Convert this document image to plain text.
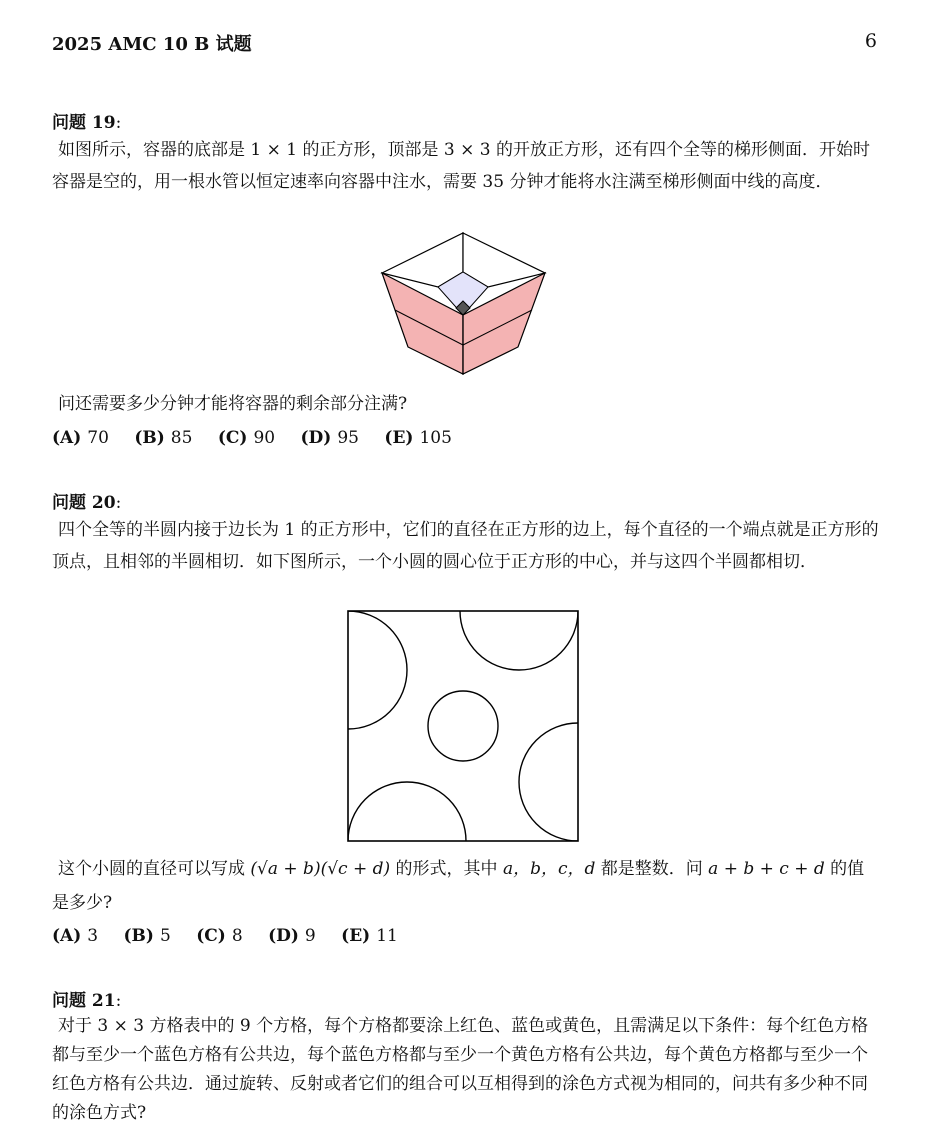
2025 AMC 10 B 试题	6
问题 19:
如图所示，容器的底部是 1 × 1 的正方形，顶部是 3 × 3 的开放正方形，还有四个全等的梯形侧面．开始时容器是空的，用一根水管以恒定速率向容器中注水，需要 35 分钟才能将水注满至梯形侧面中线的高度．
问还需要多少分钟才能将容器的剩余部分注满?
(A) 70 (B) 85 (C) 90 (D) 95 (E) 105
问题 20:
四个全等的半圆内接于边长为 1 的正方形中，它们的直径在正方形的边上，每个直径的一个端点就是正方形的顶点，且相邻的半圆相切．如下图所示，一个小圆的圆心位于正方形的中心，并与这四个半圆都相切．
这个小圆的直径可以写成 (√a + b)(√c + d) 的形式，其中 a，b，c，d 都是整数．问 a + b + c + d 的值是多少?
(A) 3 (B) 5 (C) 8 (D) 9 (E) 11
问题 21:
对于 3 × 3 方格表中的 9 个方格，每个方格都要涂上红色、蓝色或黄色，且需满足以下条件：每个红色方格都与至少一个蓝色方格有公共边，每个蓝色方格都与至少一个黄色方格有公共边，每个黄色方格都与至少一个红色方格有公共边．通过旋转、反射或者它们的组合可以互相得到的涂色方式视为相同的，问共有多少种不同的涂色方式?
